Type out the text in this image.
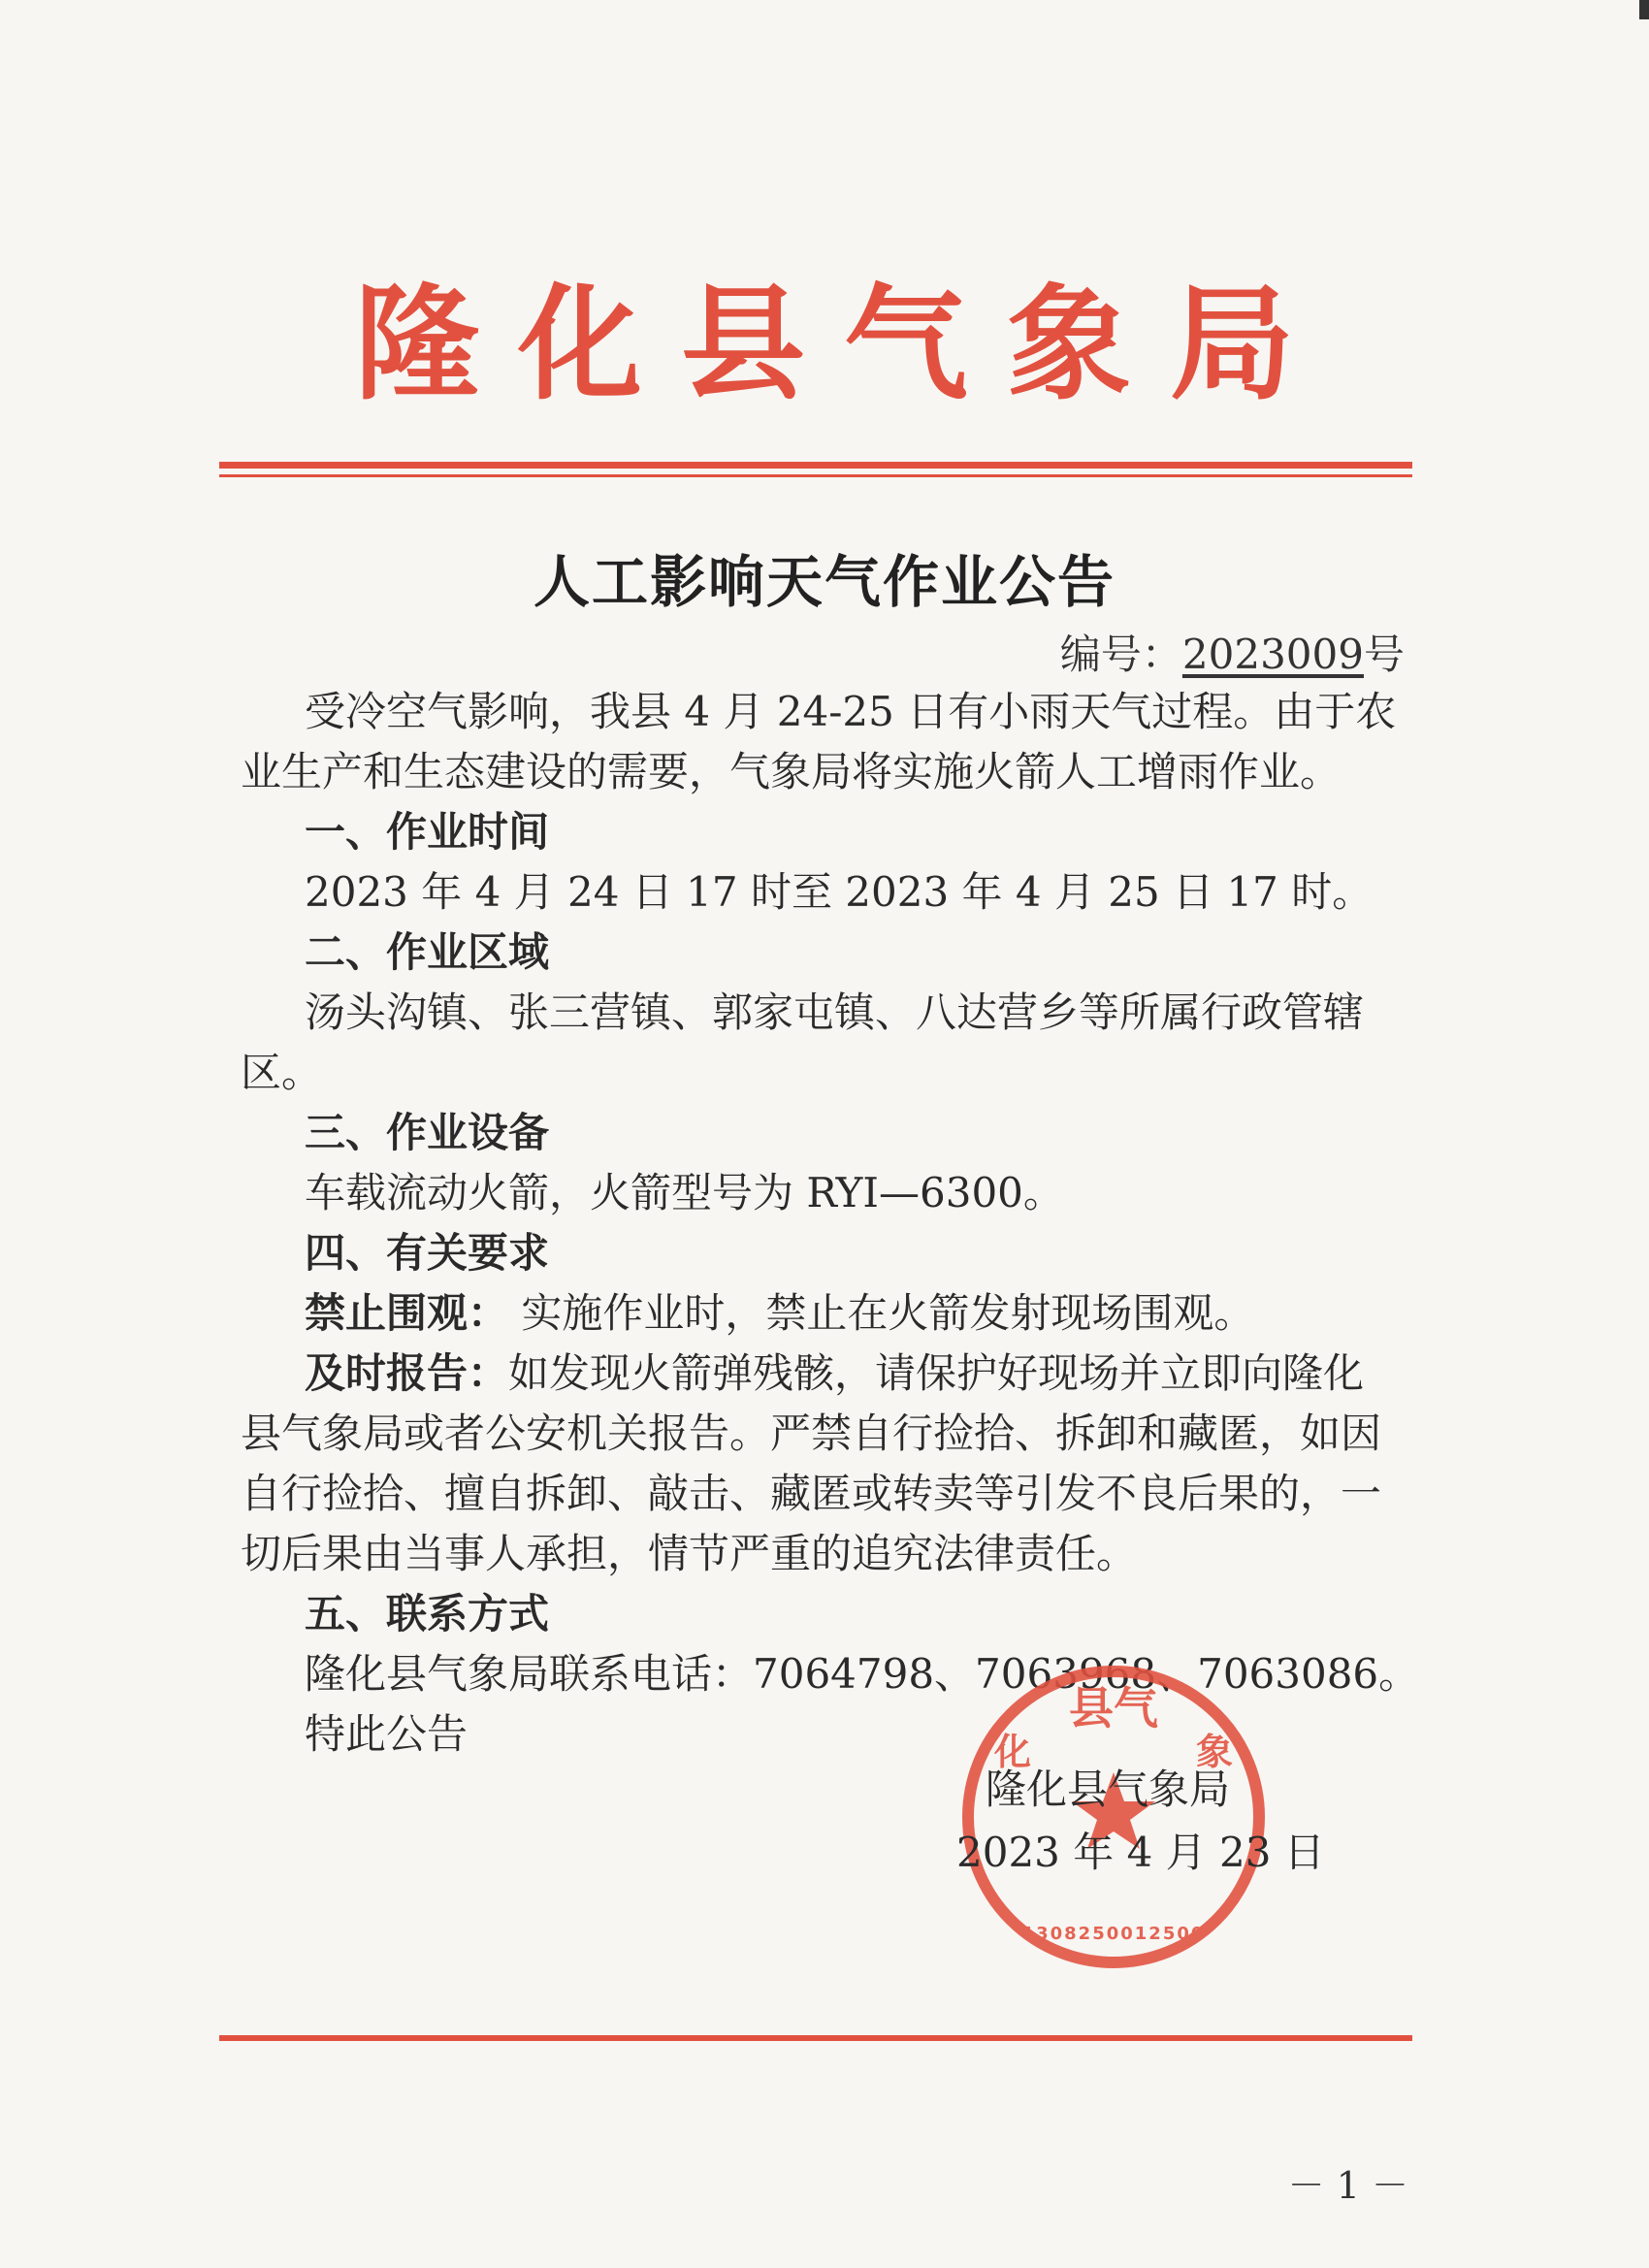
隆化县气象局
人工影响天气作业公告
编号：2023009号
受冷空气影响，我县 4 月 24-25 日有小雨天气过程。由于农
业生产和生态建设的需要，气象局将实施火箭人工增雨作业。
一、作业时间
2023 年 4 月 24 日 17 时至 2023 年 4 月 25 日 17 时。
二、作业区域
汤头沟镇、张三营镇、郭家屯镇、八达营乡等所属行政管辖
区。
三、作业设备
车载流动火箭，火箭型号为 RYI—6300。
四、有关要求
禁止围观： 实施作业时，禁止在火箭发射现场围观。
及时报告：如发现火箭弹残骸，请保护好现场并立即向隆化
县气象局或者公安机关报告。严禁自行捡拾、拆卸和藏匿，如因
自行捡拾、擅自拆卸、敲击、藏匿或转卖等引发不良后果的，一
切后果由当事人承担，情节严重的追究法律责任。
五、联系方式
隆化县气象局联系电话：7064798、7063968、7063086。
特此公告	县气
化	象
1308250012500
隆化县气象局
2023 年 4 月 23 日
－ 1 －
